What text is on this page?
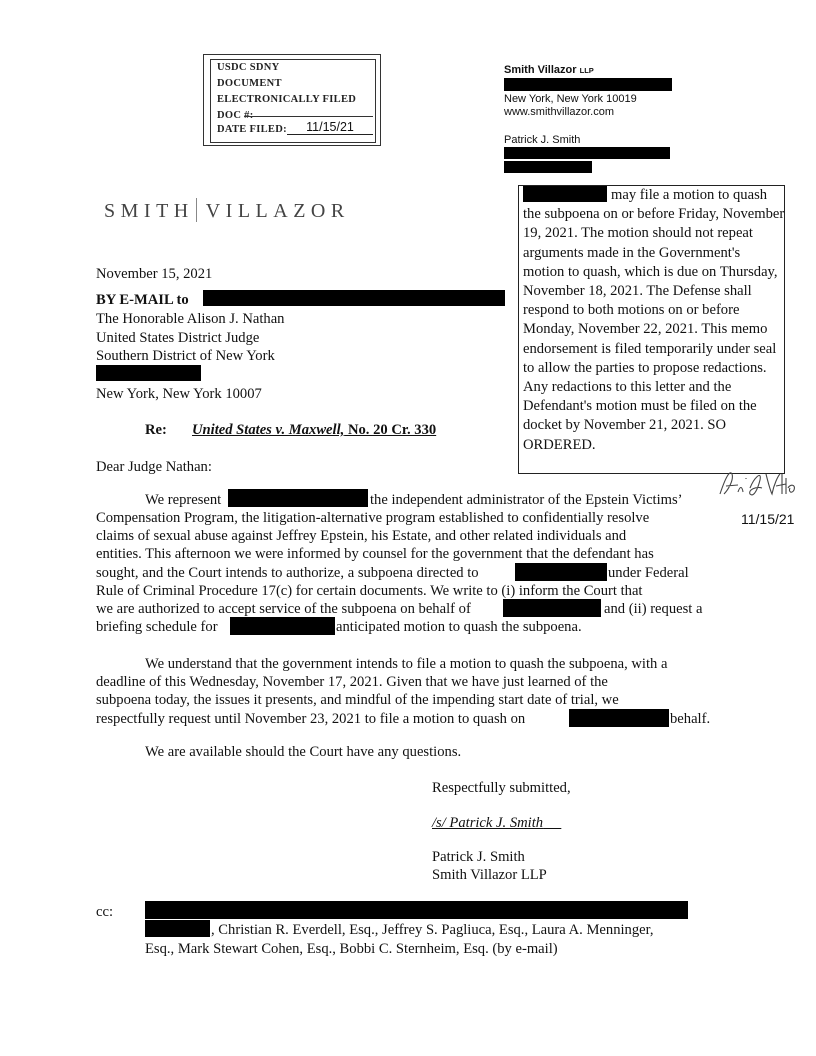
USDC SDNY
DOCUMENT
ELECTRONICALLY FILED
DOC #:
DATE FILED:	11/15/21
SMITH VILLAZOR
Smith Villazor LLP
New York, New York 10019
www.smithvillazor.com
Patrick J. Smith
may file a motion to quash
the subpoena on or before Friday, November 19, 2021. The motion should not repeat arguments made in the Government's motion to quash, which is due on Thursday, November 18, 2021. The Defense shall respond to both motions on or before Monday, November 22, 2021. This memo endorsement is filed temporarily under seal to allow the parties to propose redactions. Any redactions to this letter and the Defendant's motion must be filed on the docket by November 21, 2021. SO ORDERED.
11/15/21
November 15, 2021
BY E-MAIL to
The Honorable Alison J. Nathan
United States District Judge
Southern District of New York
New York, New York 10007
Re: United States v. Maxwell, No. 20 Cr. 330
Dear Judge Nathan:
We represent	the independent administrator of the Epstein Victims’
Compensation Program, the litigation-alternative program established to confidentially resolve
claims of sexual abuse against Jeffrey Epstein, his Estate, and other related individuals and
entities. This afternoon we were informed by counsel for the government that the defendant has
sought, and the Court intends to authorize, a subpoena directed to	under Federal
Rule of Criminal Procedure 17(c) for certain documents. We write to (i) inform the Court that
we are authorized to accept service of the subpoena on behalf of	and (ii) request a
briefing schedule for	anticipated motion to quash the subpoena.
We understand that the government intends to file a motion to quash the subpoena, with a
deadline of this Wednesday, November 17, 2021. Given that we have just learned of the
subpoena today, the issues it presents, and mindful of the impending start date of trial, we
respectfully request until November 23, 2021 to file a motion to quash on	behalf.
We are available should the Court have any questions.
Respectfully submitted,
/s/ Patrick J. Smith
Patrick J. Smith
Smith Villazor LLP
cc:
, Christian R. Everdell, Esq., Jeffrey S. Pagliuca, Esq., Laura A. Menninger,
Esq., Mark Stewart Cohen, Esq., Bobbi C. Sternheim, Esq. (by e-mail)
